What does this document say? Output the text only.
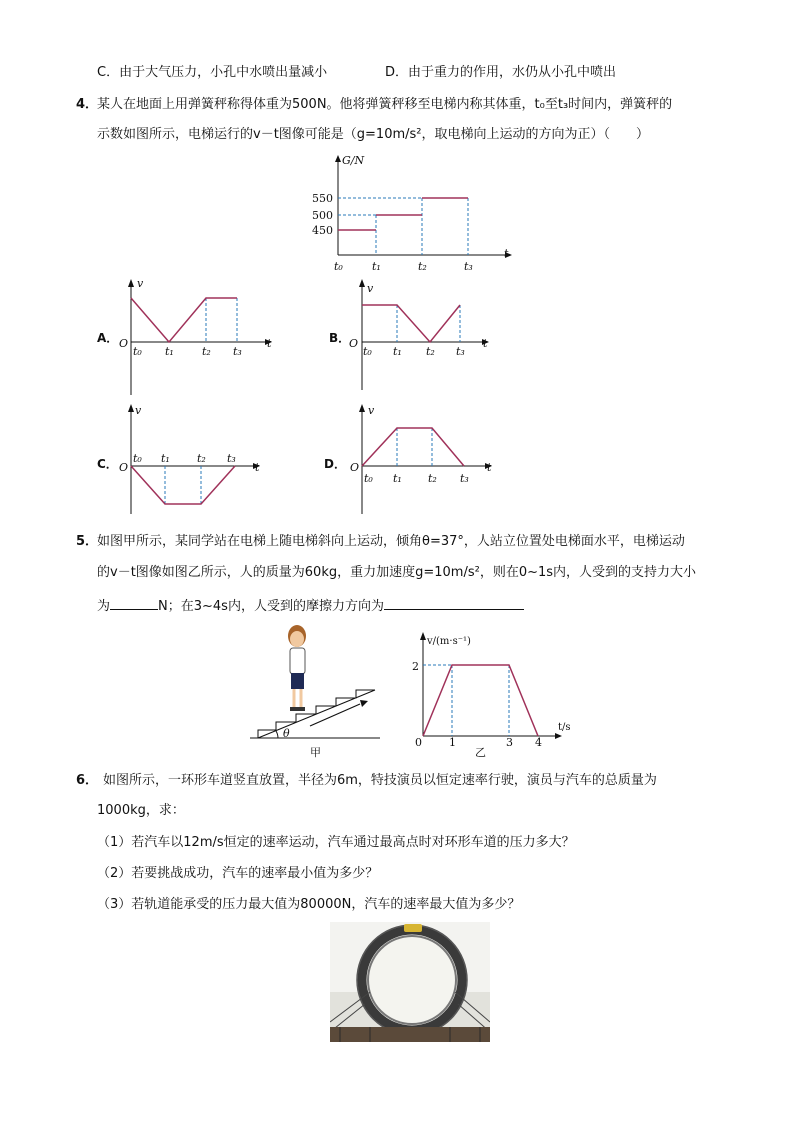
C．由于大气压力，小孔中水喷出量减小	D．由于重力的作用，水仍从小孔中喷出
4．
某人在地面上用弹簧秤称得体重为500N。他将弹簧秤移至电梯内称其体重，t₀至t₃时间内，弹簧秤的
示数如图所示，电梯运行的v－t图像可能是（g=10m/s²，取电梯向上运动的方向为正）（　　）
G/N
t
550
500
450
t₀	t₁	t₂	t₃
A．
v
O	t
t₀ t₁	t₂ t₃
B．
v
O	t
t₀ t₁ t₂ t₃
C．
v
O	t
t₀ t₁ t₂ t₃	D．
v
O	t
t₀ t₁ t₂ t₃
5．
如图甲所示，某同学站在电梯上随电梯斜向上运动，倾角θ=37°，人站立位置处电梯面水平，电梯运动
的v－t图像如图乙所示，人的质量为60kg，重力加速度g=10m/s²，则在0~1s内，人受到的支持力大小
为	N；在3~4s内，人受到的摩擦力方向为
θ
甲
v/(m·s⁻¹)
t/s
2
0 1	3 4
乙
6． 如图所示，一环形车道竖直放置，半径为6m，特技演员以恒定速率行驶，演员与汽车的总质量为
1000kg，求：
（1）若汽车以12m/s恒定的速率运动，汽车通过最高点时对环形车道的压力多大？
（2）若要挑战成功，汽车的速率最小值为多少？
（3）若轨道能承受的压力最大值为80000N，汽车的速率最大值为多少？
